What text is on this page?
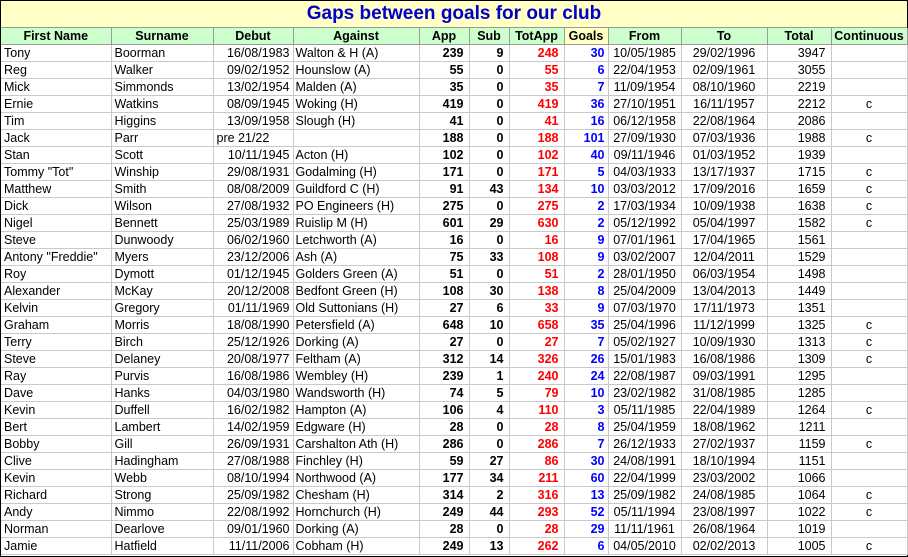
Gaps between goals for our club
First Name	Surname	Debut	Against	App	Sub	TotApp	Goals	From	To	Total	Continuous
Tony	Boorman	16/08/1983	Walton & H (A)	239	9	248	30	10/05/1985	29/02/1996	3947	
Reg	Walker	09/02/1952	Hounslow (A)	55	0	55	6	22/04/1953	02/09/1961	3055	
Mick	Simmonds	13/02/1954	Malden (A)	35	0	35	7	11/09/1954	08/10/1960	2219	
Ernie	Watkins	08/09/1945	Woking (H)	419	0	419	36	27/10/1951	16/11/1957	2212	c
Tim	Higgins	13/09/1958	Slough (H)	41	0	41	16	06/12/1958	22/08/1964	2086	
Jack	Parr	pre 21/22		188	0	188	101	27/09/1930	07/03/1936	1988	c
Stan	Scott	10/11/1945	Acton (H)	102	0	102	40	09/11/1946	01/03/1952	1939	
Tommy "Tot"	Winship	29/08/1931	Godalming (H)	171	0	171	5	04/03/1933	13/17/1937	1715	c
Matthew	Smith	08/08/2009	Guildford C (H)	91	43	134	10	03/03/2012	17/09/2016	1659	c
Dick	Wilson	27/08/1932	PO Engineers (H)	275	0	275	2	17/03/1934	10/09/1938	1638	c
Nigel	Bennett	25/03/1989	Ruislip M (H)	601	29	630	2	05/12/1992	05/04/1997	1582	c
Steve	Dunwoody	06/02/1960	Letchworth (A)	16	0	16	9	07/01/1961	17/04/1965	1561	
Antony "Freddie"	Myers	23/12/2006	Ash (A)	75	33	108	9	03/02/2007	12/04/2011	1529	
Roy	Dymott	01/12/1945	Golders Green (A)	51	0	51	2	28/01/1950	06/03/1954	1498	
Alexander	McKay	20/12/2008	Bedfont Green (H)	108	30	138	8	25/04/2009	13/04/2013	1449	
Kelvin	Gregory	01/11/1969	Old Suttonians (H)	27	6	33	9	07/03/1970	17/11/1973	1351	
Graham	Morris	18/08/1990	Petersfield (A)	648	10	658	35	25/04/1996	11/12/1999	1325	c
Terry	Birch	25/12/1926	Dorking (A)	27	0	27	7	05/02/1927	10/09/1930	1313	c
Steve	Delaney	20/08/1977	Feltham (A)	312	14	326	26	15/01/1983	16/08/1986	1309	c
Ray	Purvis	16/08/1986	Wembley (H)	239	1	240	24	22/08/1987	09/03/1991	1295	
Dave	Hanks	04/03/1980	Wandsworth (H)	74	5	79	10	23/02/1982	31/08/1985	1285	
Kevin	Duffell	16/02/1982	Hampton (A)	106	4	110	3	05/11/1985	22/04/1989	1264	c
Bert	Lambert	14/02/1959	Edgware (H)	28	0	28	8	25/04/1959	18/08/1962	1211	
Bobby	Gill	26/09/1931	Carshalton Ath (H)	286	0	286	7	26/12/1933	27/02/1937	1159	c
Clive	Hadingham	27/08/1988	Finchley (H)	59	27	86	30	24/08/1991	18/10/1994	1151	
Kevin	Webb	08/10/1994	Northwood (A)	177	34	211	60	22/04/1999	23/03/2002	1066	
Richard	Strong	25/09/1982	Chesham (H)	314	2	316	13	25/09/1982	24/08/1985	1064	c
Andy	Nimmo	22/08/1992	Hornchurch (H)	249	44	293	52	05/11/1994	23/08/1997	1022	c
Norman	Dearlove	09/01/1960	Dorking (A)	28	0	28	29	11/11/1961	26/08/1964	1019	
Jamie	Hatfield	11/11/2006	Cobham (H)	249	13	262	6	04/05/2010	02/02/2013	1005	c
